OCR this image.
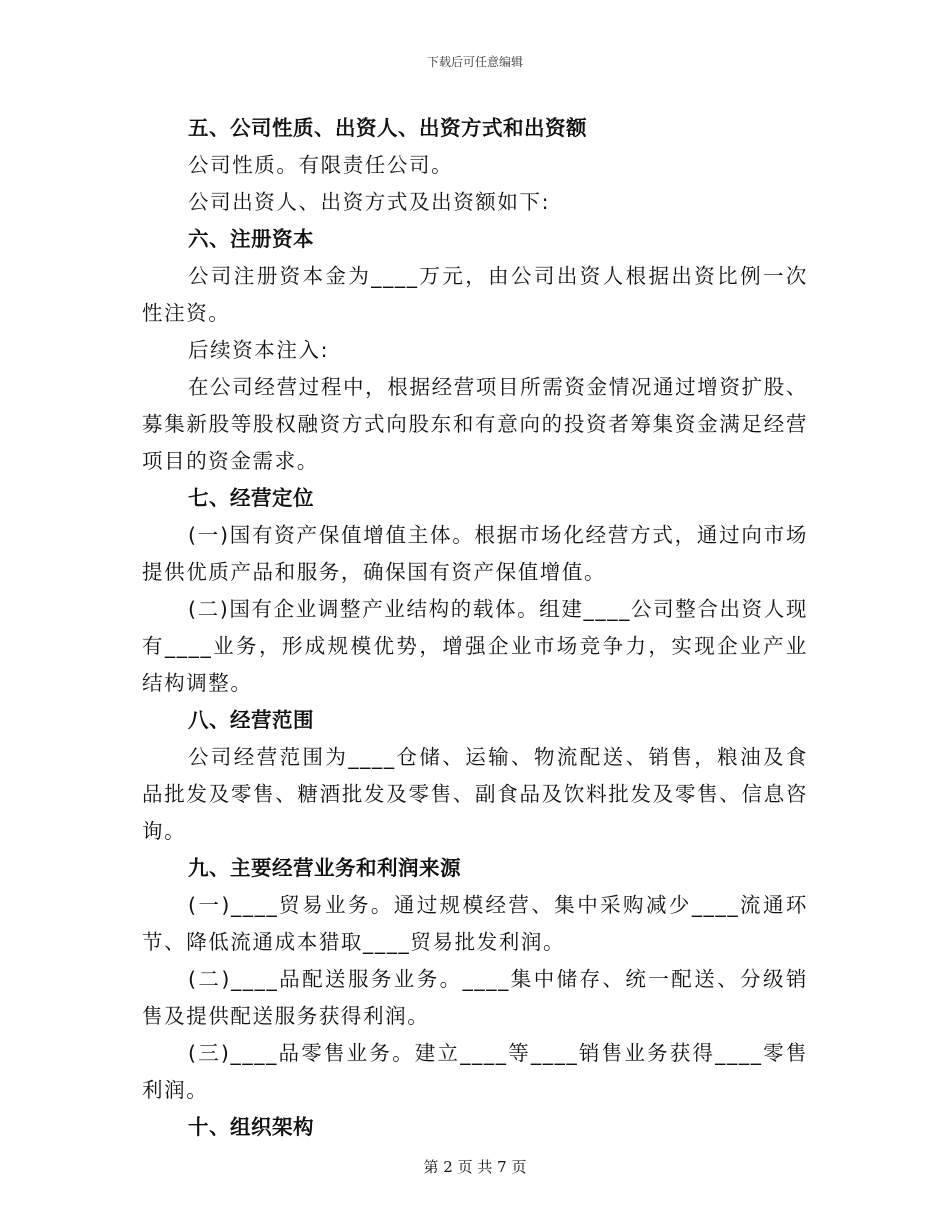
下载后可任意编辑
五、公司性质、出资人、出资方式和出资额
公司性质。有限责任公司。
公司出资人、出资方式及出资额如下:
六、注册资本
公司注册资本金为____万元，由公司出资人根据出资比例一次性注资。
后续资本注入:
在公司经营过程中，根据经营项目所需资金情况通过增资扩股、募集新股等股权融资方式向股东和有意向的投资者筹集资金满足经营项目的资金需求。
七、经营定位
(一)国有资产保值增值主体。根据市场化经营方式，通过向市场提供优质产品和服务，确保国有资产保值增值。
(二)国有企业调整产业结构的载体。组建____公司整合出资人现有____业务，形成规模优势，增强企业市场竞争力，实现企业产业结构调整。
八、经营范围
公司经营范围为____仓储、运输、物流配送、销售，粮油及食品批发及零售、糖酒批发及零售、副食品及饮料批发及零售、信息咨询。
九、主要经营业务和利润来源
(一)____贸易业务。通过规模经营、集中采购减少____流通环节、降低流通成本猎取____贸易批发利润。
(二)____品配送服务业务。____集中储存、统一配送、分级销售及提供配送服务获得利润。
(三)____品零售业务。建立____等____销售业务获得____零售利润。
十、组织架构
第 2 页 共 7 页
